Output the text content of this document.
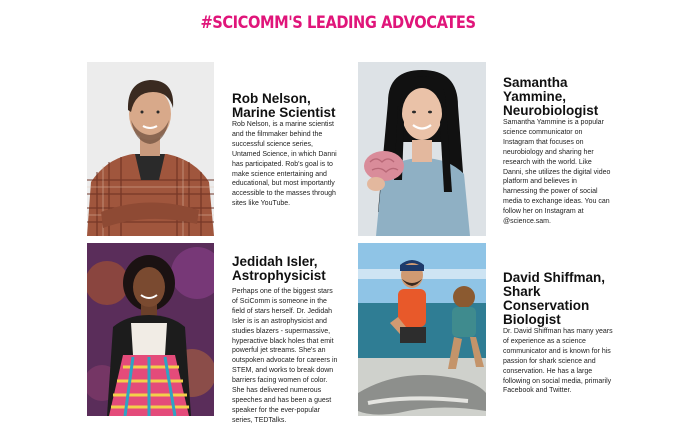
#SCICOMM'S LEADING ADVOCATES
Rob Nelson,
Marine Scientist

Rob Nelson, is a marine scientist and the filmmaker behind the successful science series, Untamed Science, in which Danni has participated. Rob's goal is to make science entertaining and educational, but most importantly accessible to the masses through sites like YouTube.

Samantha
Yammine,
Neurobiologist

Samantha Yammine is a popular science communicator on Instagram that focuses on neurobiology and sharing her research with the world. Like Danni, she utilizes the digital video platform and believes in harnessing the power of social media to exchange ideas. You can follow her on Instagram at @science.sam.

Jedidah Isler,
Astrophysicist

Perhaps one of the biggest stars of SciComm is someone in the field of stars herself. Dr. Jedidah Isler is is an astrophysicist and studies blazers - supermassive, hyperactive black holes that emit powerful jet streams. She's an outspoken advocate for careers in STEM, and works to break down barriers facing women of color. She has delivered numerous speeches and has been a guest speaker for the ever-popular series, TEDTalks.

David Shiffman,
Shark
Conservation
Biologist

Dr. David Shiffman has many years of experience as a science communicator and is known for his passion for shark science and conservation. He has a large following on social media, primarily Facebook and Twitter.
